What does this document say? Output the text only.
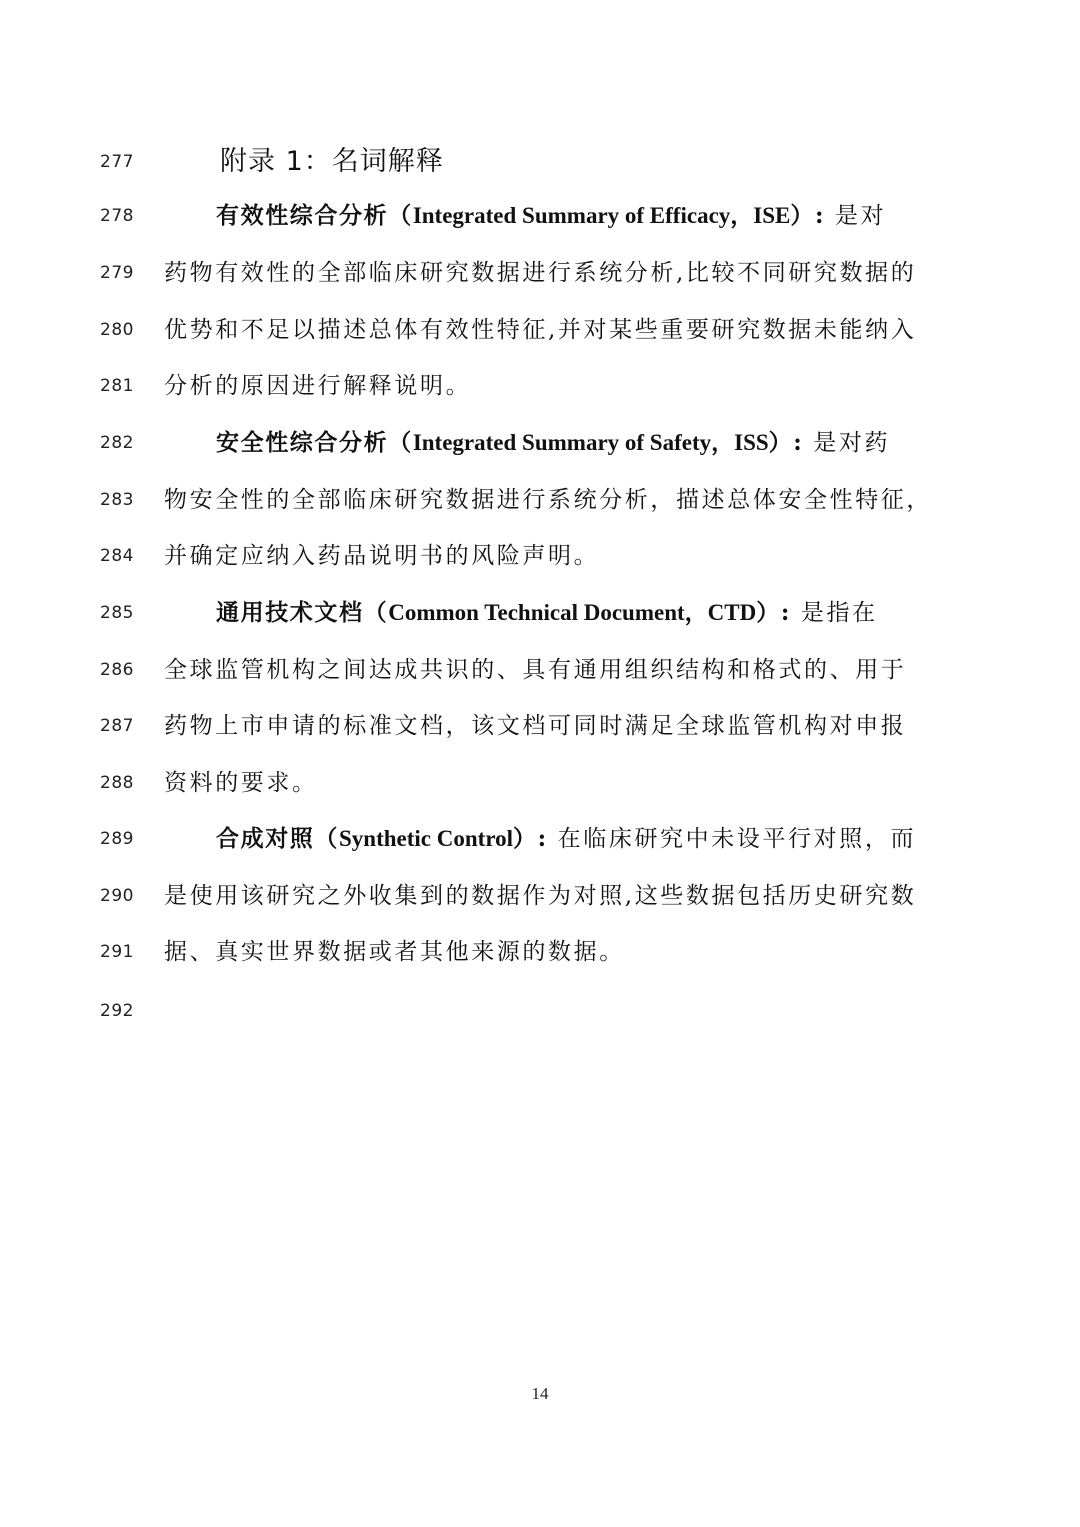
277	附录 1：名词解释
278	有效性综合分析（Integrated Summary of Efficacy，ISE）: 是对
279 药物有效性的全部临床研究数据进行系统分析,比较不同研究数据的
280 优势和不足以描述总体有效性特征,并对某些重要研究数据未能纳入
281 分析的原因进行解释说明。
282	安全性综合分析（Integrated Summary of Safety，ISS）: 是对药
283 物安全性的全部临床研究数据进行系统分析，描述总体安全性特征，
284 并确定应纳入药品说明书的风险声明。
285	通用技术文档（Common Technical Document，CTD）: 是指在
286 全球监管机构之间达成共识的、具有通用组织结构和格式的、用于
287 药物上市申请的标准文档，该文档可同时满足全球监管机构对申报
288 资料的要求。
289	合成对照（Synthetic Control）: 在临床研究中未设平行对照，而
290 是使用该研究之外收集到的数据作为对照,这些数据包括历史研究数
291 据、真实世界数据或者其他来源的数据。
292
14
